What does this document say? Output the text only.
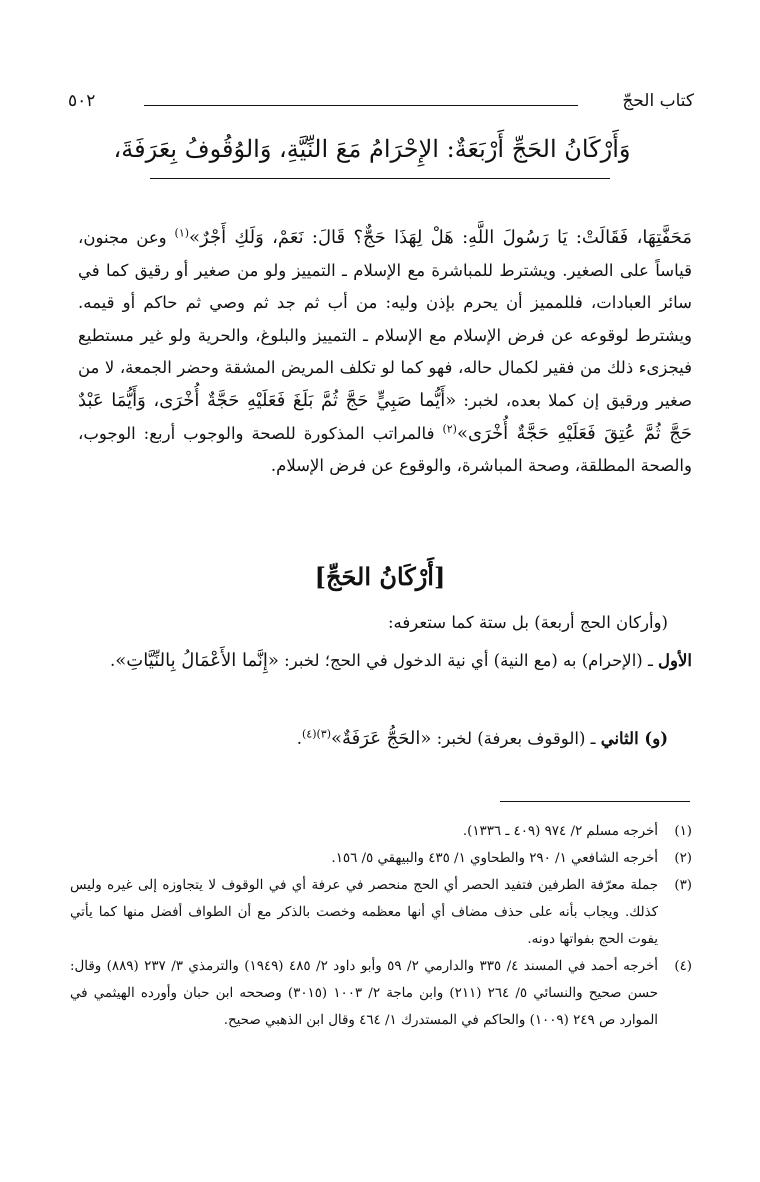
كتاب الحجّ
٥٠٢
وَأَرْكَانُ الحَجِّ أَرْبَعَةٌ: الإِحْرَامُ مَعَ النِّيَّةِ، وَالوُقُوفُ بِعَرَفَةَ،

مَحَفَّتِهَا، فَقَالَتْ: يَا رَسُولَ اللَّهِ: هَلْ لِهَذَا حَجٌّ؟ قَالَ: نَعَمْ، وَلَكِ أَجْرٌ»$^{(١)}$ وعن مجنون، قياساً على الصغير. ويشترط للمباشرة مع الإسلام ـ التمييز ولو من صغير أو رقيق كما في سائر العبادات، فللمميز أن يحرم بإذن وليه: من أب ثم جد ثم وصي ثم حاكم أو قيمه. ويشترط لوقوعه عن فرض الإسلام مع الإسلام ـ التمييز والبلوغ، والحرية ولو غير مستطيع فيجزىء ذلك من فقير لكمال حاله، فهو كما لو تكلف المريض المشقة وحضر الجمعة، لا من صغير ورقيق إن كملا بعده، لخبر: «أَيُّما صَبِيٍّ حَجَّ ثُمَّ بَلَغَ فَعَلَيْهِ حَجَّةٌ أُخْرَى، وَأَيُّمَا عَبْدٌ حَجَّ ثُمَّ عُتِقَ فَعَلَيْهِ حَجَّةٌ أُخْرَى»$^{(٢)}$ فالمراتب المذكورة للصحة والوجوب أربع: الوجوب، والصحة المطلقة، وصحة المباشرة، والوقوع عن فرض الإسلام.

[أَرْكَانُ الحَجِّ]

(وأركان الحج أربعة) بل ستة كما ستعرفه:

الأول ـ (الإحرام) به (مع النية) أي نية الدخول في الحج؛ لخبر: «إِنَّما الأَعْمَالُ بِالنِّيَّاتِ».

(و) الثاني ـ (الوقوف بعرفة) لخبر: «الحَجُّ عَرَفَةٌ»$^{(٣)(٤)}$.

(١)
أخرجه مسلم ٢/ ٩٧٤ (٤٠٩ ـ ١٣٣٦).
(٢)
أخرجه الشافعي ١/ ٢٩٠ والطحاوي ١/ ٤٣٥ والبيهقي ٥/ ١٥٦.
(٣)
جملة معرّفة الطرفين فتفيد الحصر أي الحج منحصر في عرفة أي في الوقوف لا يتجاوزه إلى غيره وليس كذلك. ويجاب بأنه على حذف مضاف أي أنها معظمه وخصت بالذكر مع أن الطواف أفضل منها كما يأتي يفوت الحج بفواتها دونه.
(٤)
أخرجه أحمد في المسند ٤/ ٣٣٥ والدارمي ٢/ ٥٩ وأبو داود ٢/ ٤٨٥ (١٩٤٩) والترمذي ٣/ ٢٣٧ (٨٨٩) وقال: حسن صحيح والنسائي ٥/ ٢٦٤ (٢١١) وابن ماجة ٢/ ١٠٠٣ (٣٠١٥) وصححه ابن حبان وأورده الهيثمي في الموارد ص ٢٤٩ (١٠٠٩) والحاكم في المستدرك ١/ ٤٦٤ وقال ابن الذهبي صحيح.
